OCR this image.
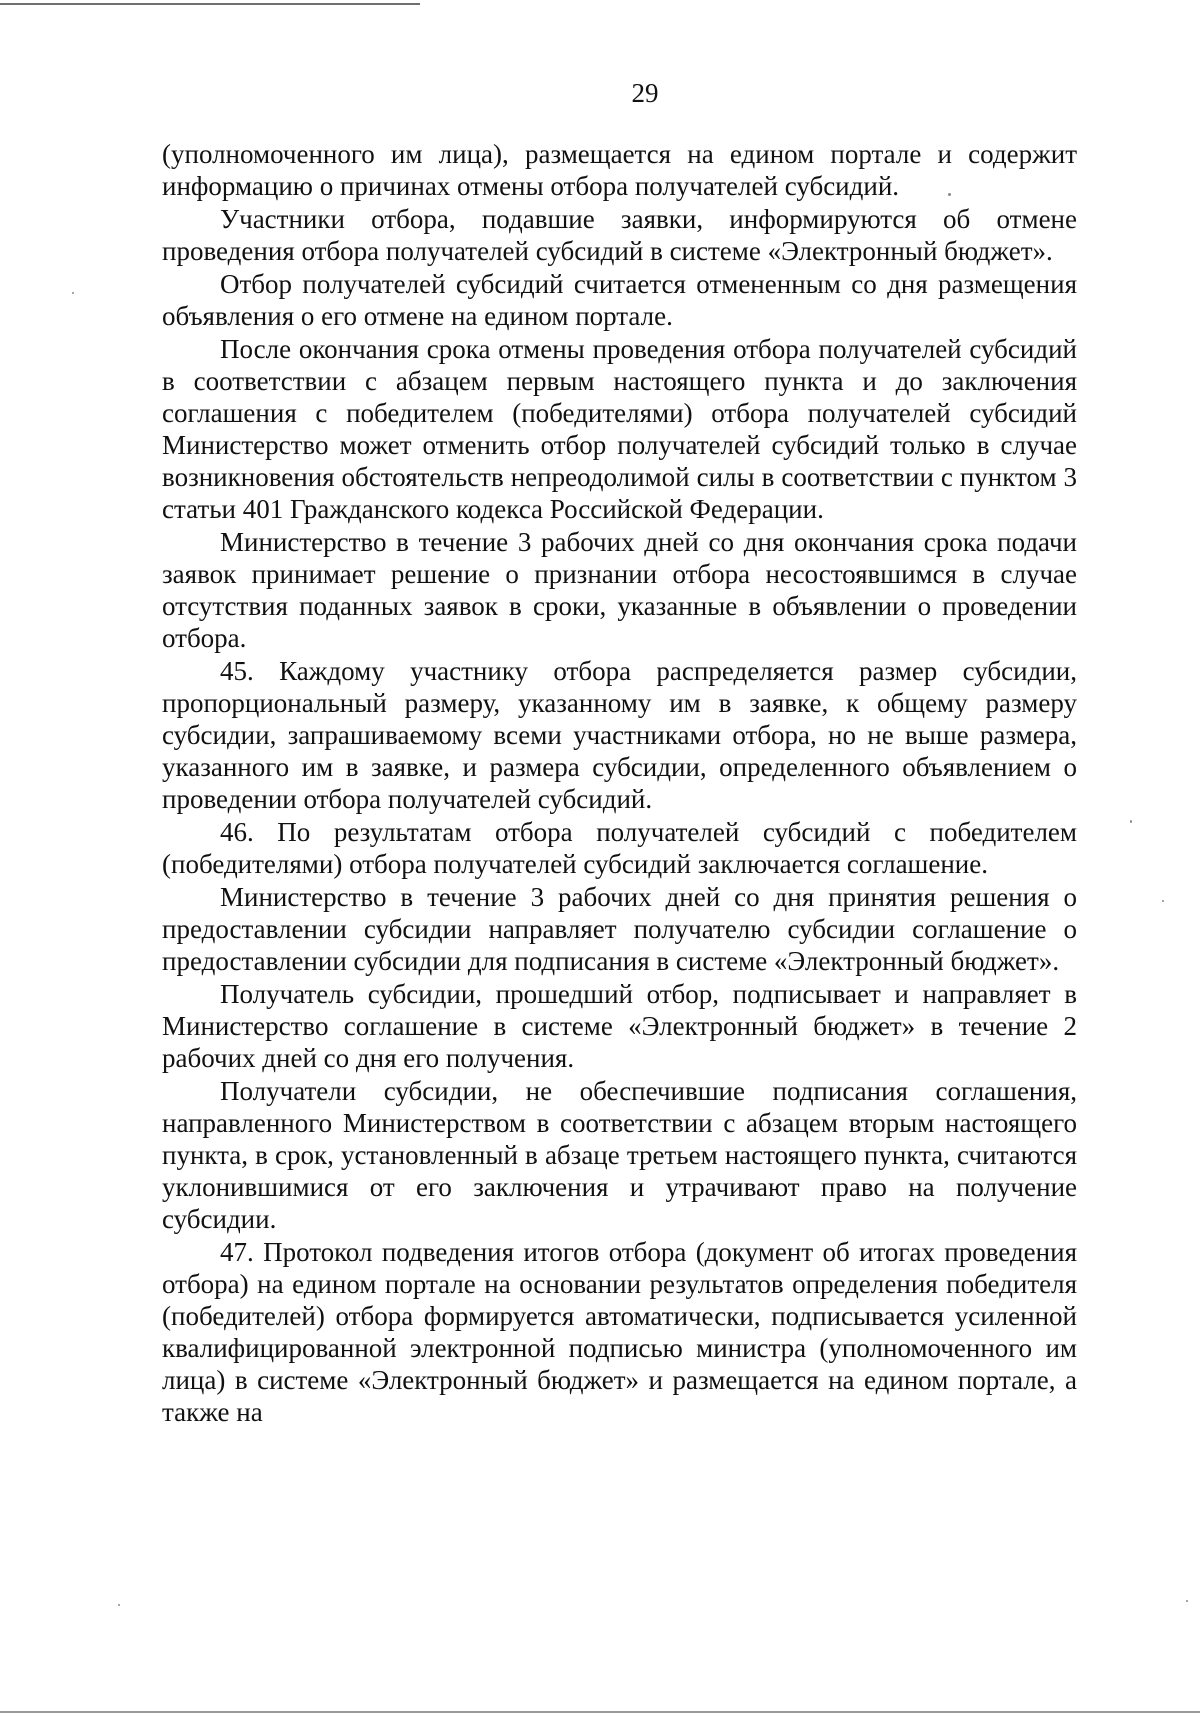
29

(уполномоченного им лица), размещается на едином портале и содержит информацию о причинах отмены отбора получателей субсидий.

Участники отбора, подавшие заявки, информируются об отмене проведения отбора получателей субсидий в системе «Электронный бюджет».

Отбор получателей субсидий считается отмененным со дня размещения объявления о его отмене на едином портале.

После окончания срока отмены проведения отбора получателей субсидий в соответствии с абзацем первым настоящего пункта и до заключения соглашения с победителем (победителями) отбора получателей субсидий Министерство может отменить отбор получателей субсидий только в случае возникновения обстоятельств непреодолимой силы в соответствии с пунктом 3 статьи 401 Гражданского кодекса Российской Федерации.

Министерство в течение 3 рабочих дней со дня окончания срока подачи заявок принимает решение о признании отбора несостоявшимся в случае отсутствия поданных заявок в сроки, указанные в объявлении о проведении отбора.

45. Каждому участнику отбора распределяется размер субсидии, пропорциональный размеру, указанному им в заявке, к общему размеру субсидии, запрашиваемому всеми участниками отбора, но не выше размера, указанного им в заявке, и размера субсидии, определенного объявлением о проведении отбора получателей субсидий.

46. По результатам отбора получателей субсидий с победителем (победителями) отбора получателей субсидий заключается соглашение.

Министерство в течение 3 рабочих дней со дня принятия решения о предоставлении субсидии направляет получателю субсидии соглашение о предоставлении субсидии для подписания в системе «Электронный бюджет».

Получатель субсидии, прошедший отбор, подписывает и направляет в Министерство соглашение в системе «Электронный бюджет» в течение 2 рабочих дней со дня его получения.

Получатели субсидии, не обеспечившие подписания соглашения, направленного Министерством в соответствии с абзацем вторым настоящего пункта, в срок, установленный в абзаце третьем настоящего пункта, считаются уклонившимися от его заключения и утрачивают право на получение субсидии.

47. Протокол подведения итогов отбора (документ об итогах проведения отбора) на едином портале на основании результатов определения победителя (победителей) отбора формируется автоматически, подписывается усиленной квалифицированной электронной подписью министра (уполномоченного им лица) в системе «Электронный бюджет» и размещается на едином портале, а также на
